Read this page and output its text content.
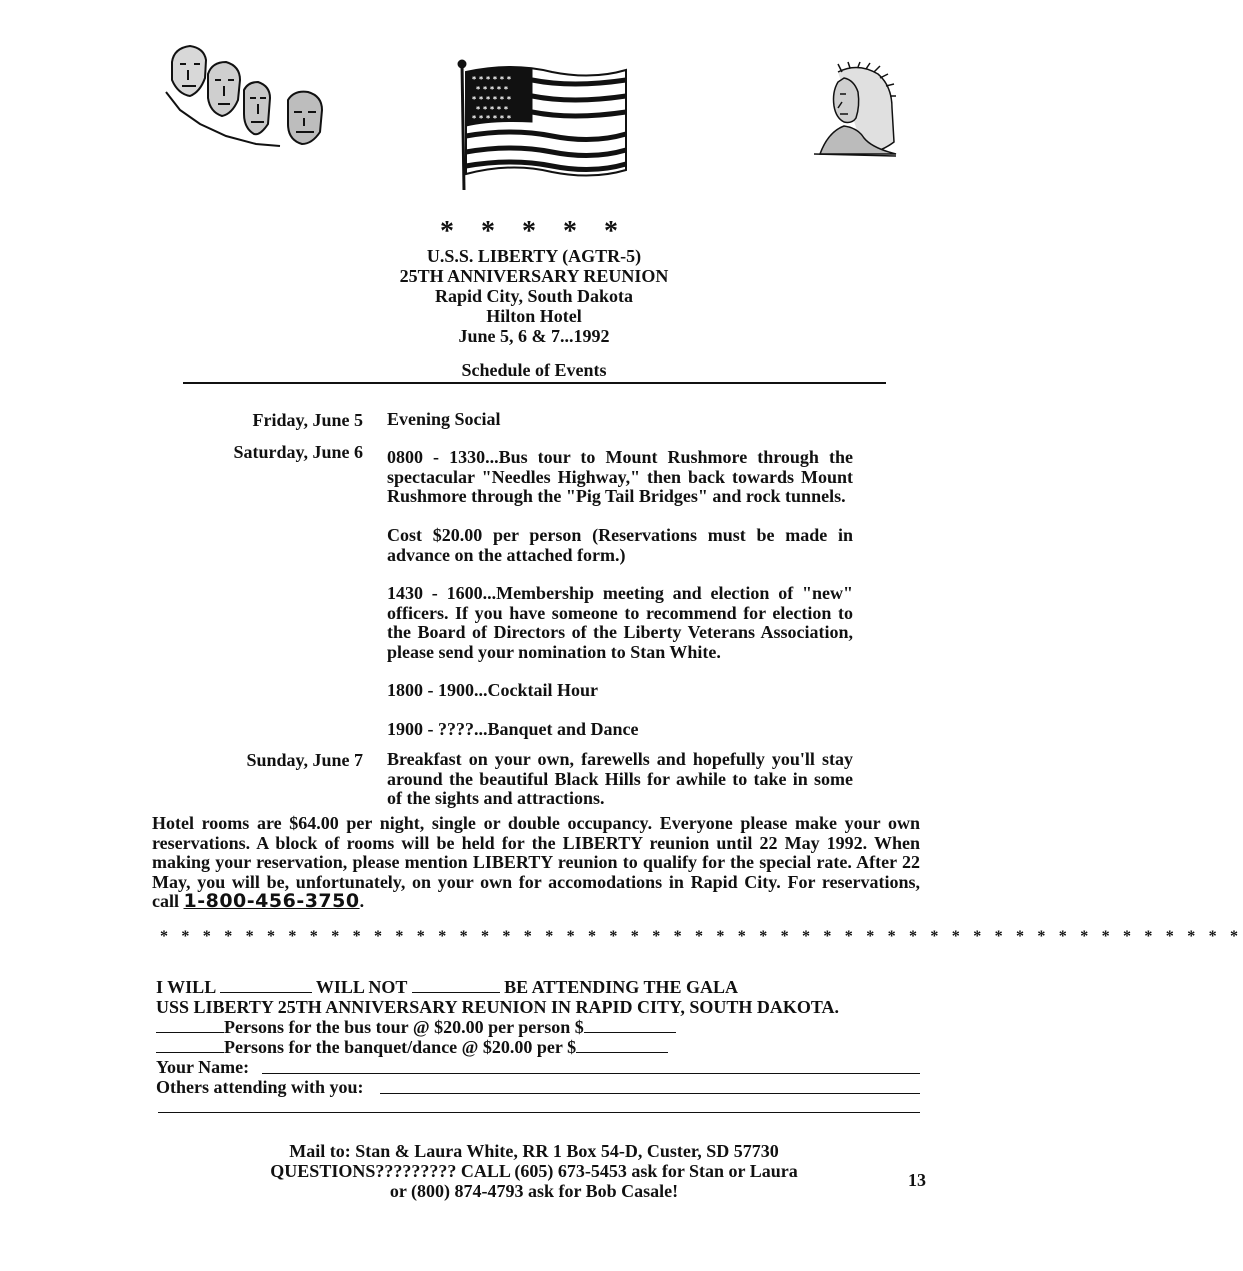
* * * * * *
* * * * *
* * * * * *
* * * * *
* * * * * *
* * * * *
U.S.S. LIBERTY (AGTR-5)
25TH ANNIVERSARY REUNION
Rapid City, South Dakota
Hilton Hotel
June 5, 6 & 7...1992
Schedule of Events
Friday, June 5 Evening Social
Saturday, June 6 0800 - 1330...Bus tour to Mount Rushmore through the spectacular "Needles Highway," then back towards Mount Rushmore through the "Pig Tail Bridges" and rock tunnels.
Cost $20.00 per person (Reservations must be made in advance on the attached form.)
1430 - 1600...Membership meeting and election of "new" officers. If you have someone to recommend for election to the Board of Directors of the Liberty Veterans Association, please send your nomination to Stan White.
1800 - 1900...Cocktail Hour
1900 - ????...Banquet and Dance
Sunday, June 7 Breakfast on your own, farewells and hopefully you'll stay around the beautiful Black Hills for awhile to take in some of the sights and attractions.
Hotel rooms are $64.00 per night, single or double occupancy. Everyone please make your own reservations. A block of rooms will be held for the LIBERTY reunion until 22 May 1992. When making your reservation, please mention LIBERTY reunion to qualify for the special rate. After 22 May, you will be, unfortunately, on your own for accomodations in Rapid City. For reservations, call 1-800-456-3750.
* * * * * * * * * * * * * * * * * * * * * * * * * * * * * * * * * * * * * * * * * * * * * * * * * * *
I WILL	WILL NOT	BE ATTENDING THE GALA
USS LIBERTY 25TH ANNIVERSARY REUNION IN RAPID CITY, SOUTH DAKOTA.
Persons for the bus tour @ $20.00 per person $
Persons for the banquet/dance @ $20.00 per $
Your Name:
Others attending with you:
Mail to: Stan & Laura White, RR 1 Box 54-D, Custer, SD 57730
QUESTIONS????????? CALL (605) 673-5453 ask for Stan or Laura
or (800) 874-4793 ask for Bob Casale!
13
